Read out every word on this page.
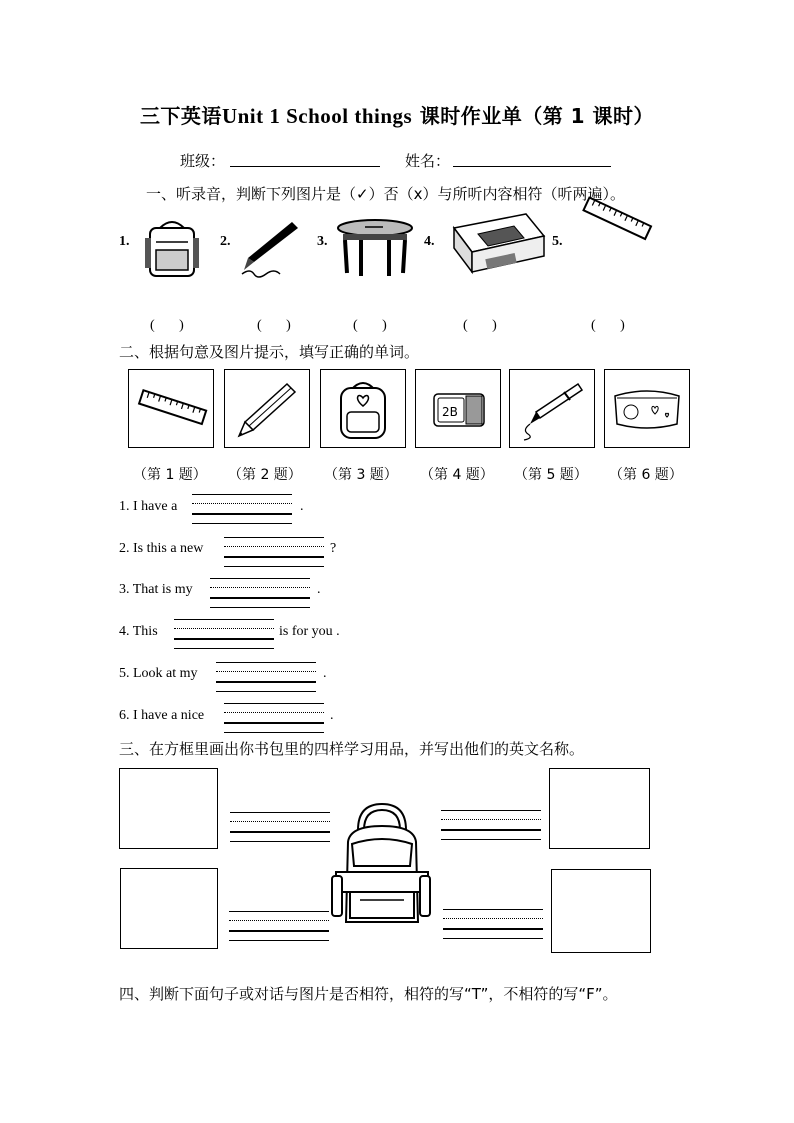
三下英语Unit 1 School things 课时作业单（第 1 课时）
班级：	姓名：
一、听录音，判断下列图片是（✓）否（x）与所听内容相符（听两遍）。
1.	2.	3.	4.	5.
(       )	(       )	(       )	(       )	(       )
二、根据句意及图片提示，填写正确的单词。
2B
（第 1 题） （第 2 题） （第 3 题） （第 4 题） （第 5 题） （第 6 题）
1. I have a	.
2. Is this a new	?
3. That is my	.
4. This	is for you .
5. Look at my	.
6. I have a nice	.
三、在方框里画出你书包里的四样学习用品，并写出他们的英文名称。
四、判断下面句子或对话与图片是否相符，相符的写“T”，不相符的写“F”。
